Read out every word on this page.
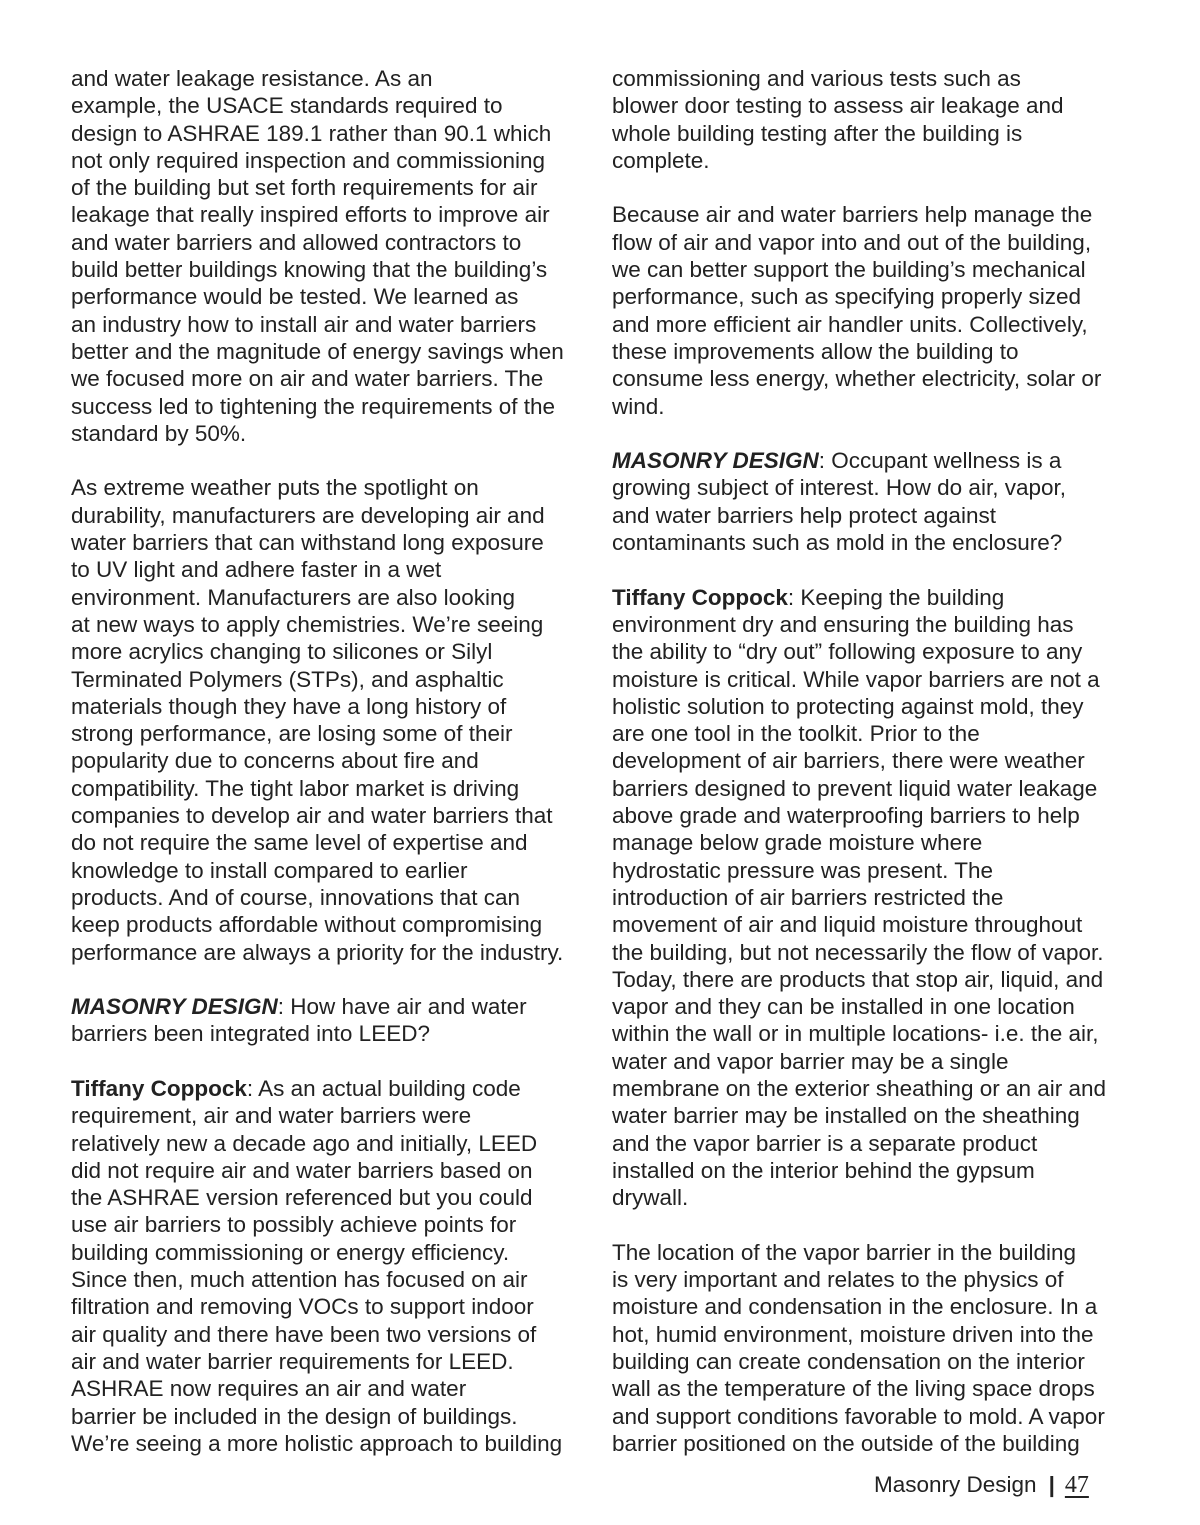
and water leakage resistance. As an
example, the USACE standards required to
design to ASHRAE 189.1 rather than 90.1 which
not only required inspection and commissioning
of the building but set forth requirements for air
leakage that really inspired efforts to improve air
and water barriers and allowed contractors to
build better buildings knowing that the building’s
performance would be tested. We learned as
an industry how to install air and water barriers
better and the magnitude of energy savings when
we focused more on air and water barriers. The
success led to tightening the requirements of the
standard by 50%.

As extreme weather puts the spotlight on
durability, manufacturers are developing air and
water barriers that can withstand long exposure
to UV light and adhere faster in a wet
environment. Manufacturers are also looking
at new ways to apply chemistries. We’re seeing
more acrylics changing to silicones or Silyl
Terminated Polymers (STPs), and asphaltic
materials though they have a long history of
strong performance, are losing some of their
popularity due to concerns about fire and
compatibility. The tight labor market is driving
companies to develop air and water barriers that
do not require the same level of expertise and
knowledge to install compared to earlier
products. And of course, innovations that can
keep products affordable without compromising
performance are always a priority for the industry.

MASONRY DESIGN: How have air and water
barriers been integrated into LEED?

Tiffany Coppock: As an actual building code
requirement, air and water barriers were
relatively new a decade ago and initially, LEED
did not require air and water barriers based on
the ASHRAE version referenced but you could
use air barriers to possibly achieve points for
building commissioning or energy efficiency.
Since then, much attention has focused on air
filtration and removing VOCs to support indoor
air quality and there have been two versions of
air and water barrier requirements for LEED.
ASHRAE now requires an air and water
barrier be included in the design of buildings.
We’re seeing a more holistic approach to building

commissioning and various tests such as
blower door testing to assess air leakage and
whole building testing after the building is
complete.

Because air and water barriers help manage the
flow of air and vapor into and out of the building,
we can better support the building’s mechanical
performance, such as specifying properly sized
and more efficient air handler units. Collectively,
these improvements allow the building to
consume less energy, whether electricity, solar or
wind.

MASONRY DESIGN: Occupant wellness is a
growing subject of interest. How do air, vapor,
and water barriers help protect against
contaminants such as mold in the enclosure?

Tiffany Coppock: Keeping the building
environment dry and ensuring the building has
the ability to “dry out” following exposure to any
moisture is critical. While vapor barriers are not a
holistic solution to protecting against mold, they
are one tool in the toolkit. Prior to the
development of air barriers, there were weather
barriers designed to prevent liquid water leakage
above grade and waterproofing barriers to help
manage below grade moisture where
hydrostatic pressure was present. The
introduction of air barriers restricted the
movement of air and liquid moisture throughout
the building, but not necessarily the flow of vapor.
Today, there are products that stop air, liquid, and
vapor and they can be installed in one location
within the wall or in multiple locations- i.e. the air,
water and vapor barrier may be a single
membrane on the exterior sheathing or an air and
water barrier may be installed on the sheathing
and the vapor barrier is a separate product
installed on the interior behind the gypsum
drywall.

The location of the vapor barrier in the building
is very important and relates to the physics of
moisture and condensation in the enclosure. In a
hot, humid environment, moisture driven into the
building can create condensation on the interior
wall as the temperature of the living space drops
and support conditions favorable to mold. A vapor
barrier positioned on the outside of the building

Masonry Design | 47
